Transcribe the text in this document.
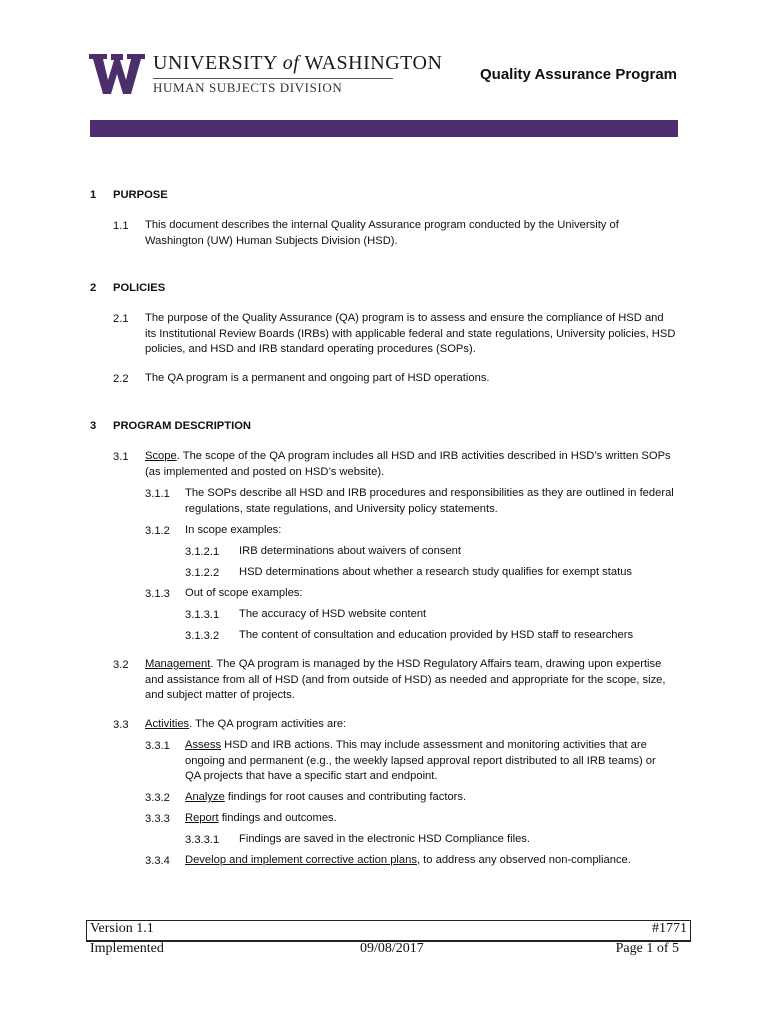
UNIVERSITY of WASHINGTON
HUMAN SUBJECTS DIVISION
Quality Assurance Program
1 PURPOSE
1.1 This document describes the internal Quality Assurance program conducted by the University of Washington (UW) Human Subjects Division (HSD).
2 POLICIES
2.1 The purpose of the Quality Assurance (QA) program is to assess and ensure the compliance of HSD and its Institutional Review Boards (IRBs) with applicable federal and state regulations, University policies, HSD policies, and HSD and IRB standard operating procedures (SOPs).
2.2 The QA program is a permanent and ongoing part of HSD operations.
3 PROGRAM DESCRIPTION
3.1 Scope. The scope of the QA program includes all HSD and IRB activities described in HSD’s written SOPs (as implemented and posted on HSD’s website).
3.1.1 The SOPs describe all HSD and IRB procedures and responsibilities as they are outlined in federal regulations, state regulations, and University policy statements.
3.1.2 In scope examples:
3.1.2.1 IRB determinations about waivers of consent
3.1.2.2 HSD determinations about whether a research study qualifies for exempt status
3.1.3 Out of scope examples:
3.1.3.1 The accuracy of HSD website content
3.1.3.2 The content of consultation and education provided by HSD staff to researchers
3.2 Management. The QA program is managed by the HSD Regulatory Affairs team, drawing upon expertise and assistance from all of HSD (and from outside of HSD) as needed and appropriate for the scope, size, and subject matter of projects.
3.3 Activities. The QA program activities are:
3.3.1 Assess HSD and IRB actions. This may include assessment and monitoring activities that are ongoing and permanent (e.g., the weekly lapsed approval report distributed to all IRB teams) or QA projects that have a specific start and endpoint.
3.3.2 Analyze findings for root causes and contributing factors.
3.3.3 Report findings and outcomes.
3.3.3.1 Findings are saved in the electronic HSD Compliance files.
3.3.4 Develop and implement corrective action plans, to address any observed non-compliance.
Version 1.1	#1771
Implemented	09/08/2017	Page 1 of 5
